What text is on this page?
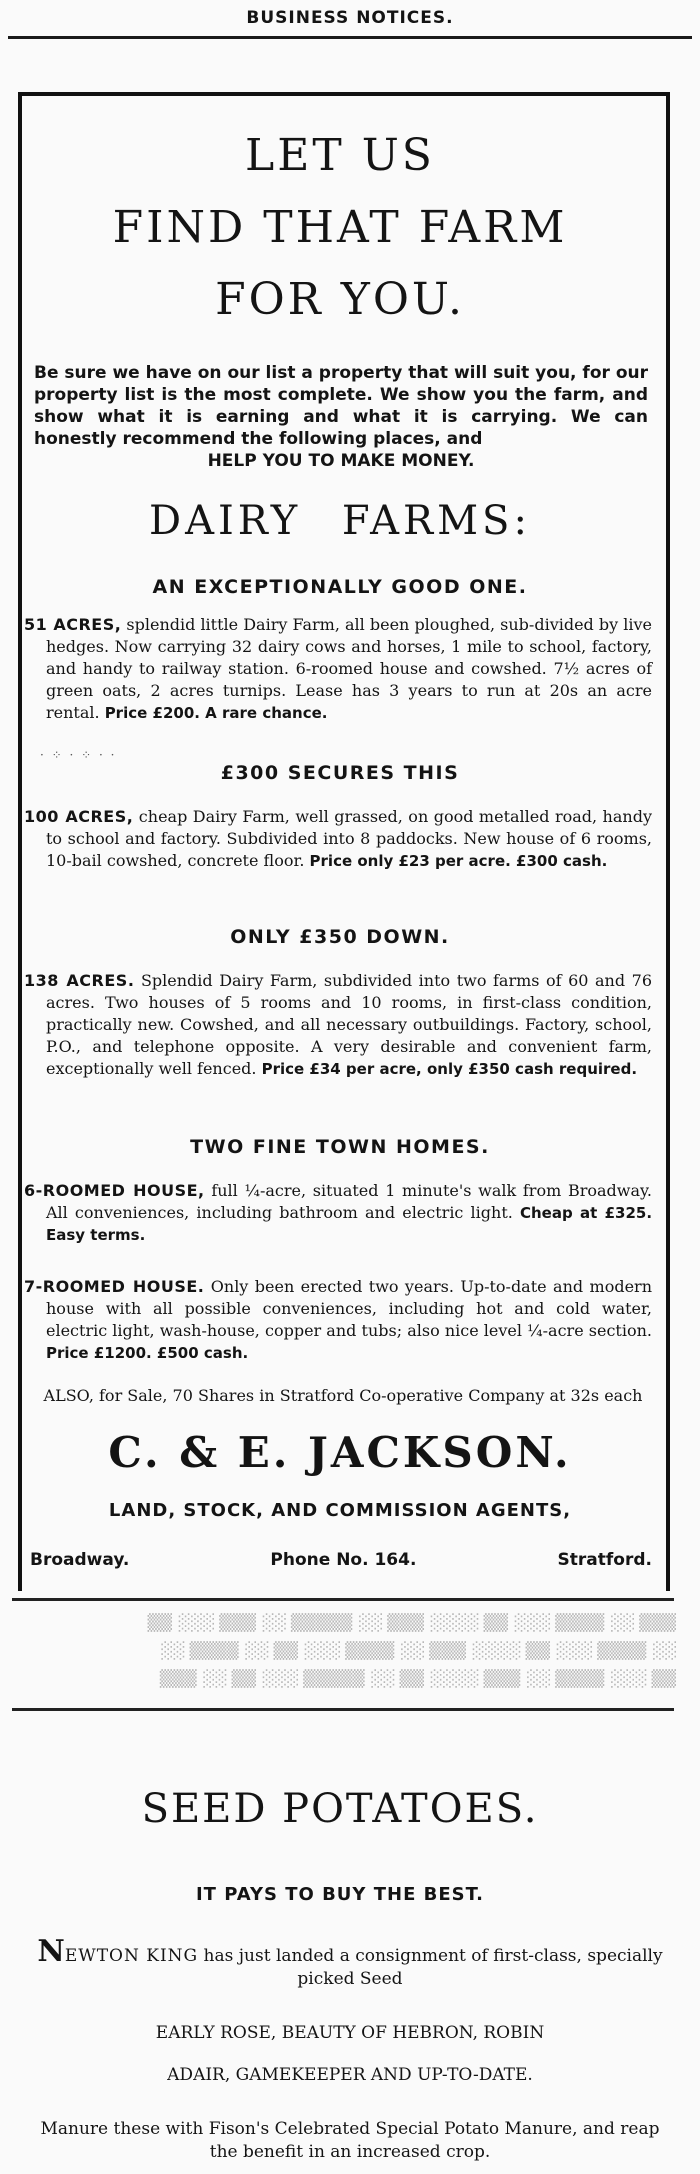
BUSINESS NOTICES.
LET US
FIND THAT FARM
FOR YOU.
Be sure we have on our list a property that will suit you, for our property list is the most complete. We show you the farm, and show what it is earning and what it is carrying. We can honestly recommend the following places, and
HELP YOU TO MAKE MONEY.
DAIRY FARMS:
AN EXCEPTIONALLY GOOD ONE.

51 ACRES, splendid little Dairy Farm, all been ploughed, sub-divided by live hedges. Now carrying 32 dairy cows and horses, 1 mile to school, factory, and handy to railway station. 6-roomed house and cowshed. 7½ acres of green oats, 2 acres turnips. Lease has 3 years to run at 20s an acre rental. Price £200. A rare chance.

· ⁘ · ⁘ · ·
£300 SECURES THIS

100 ACRES, cheap Dairy Farm, well grassed, on good metalled road, handy to school and factory. Subdivided into 8 paddocks. New house of 6 rooms, 10-bail cowshed, concrete floor. Price only £23 per acre. £300 cash.

ONLY £350 DOWN.

138 ACRES. Splendid Dairy Farm, subdivided into two farms of 60 and 76 acres. Two houses of 5 rooms and 10 rooms, in first-class condition, practically new. Cowshed, and all necessary outbuildings. Factory, school, P.O., and telephone opposite. A very desirable and convenient farm, exceptionally well fenced. Price £34 per acre, only £350 cash required.

TWO FINE TOWN HOMES.

6-ROOMED HOUSE, full ¼-acre, situated 1 minute's walk from Broadway. All conveniences, including bathroom and electric light. Cheap at £325. Easy terms.

7-ROOMED HOUSE. Only been erected two years. Up-to-date and modern house with all possible conveniences, including hot and cold water, electric light, wash-house, copper and tubs; also nice level ¼-acre section. Price £1200. £500 cash.

ALSO, for Sale, 70 Shares in Stratford Co-operative Company at 32s each
C. & E. JACKSON.
LAND, STOCK, AND COMMISSION AGENTS,
Broadway.	Phone No. 164.	Stratford.
▒▒▒ ░░ ▒▒▒▒ ░░░ ▒▒ ░░░░ ▒▒▒ ░░ ▒▒▒▒▒ ░░ ▒▒▒ ░░░ ▒▒
░░ ▒▒▒▒ ░░░ ▒▒ ░░░░ ▒▒▒ ░░ ▒▒▒▒ ░░░ ▒▒ ░░ ▒▒▒▒ ░░
▒▒ ░░░ ▒▒▒▒ ░░ ▒▒▒ ░░░░ ▒▒ ░░ ▒▒▒▒▒ ░░░ ▒▒ ░░ ▒▒▒
SEED POTATOES.
IT PAYS TO BUY THE BEST.
NEWTON KING has just landed a consignment of first-class, specially picked Seed
EARLY ROSE, BEAUTY OF HEBRON, ROBIN
ADAIR, GAMEKEEPER AND UP-TO-DATE.
Manure these with Fison's Celebrated Special Potato Manure, and reap the benefit in an increased crop.
